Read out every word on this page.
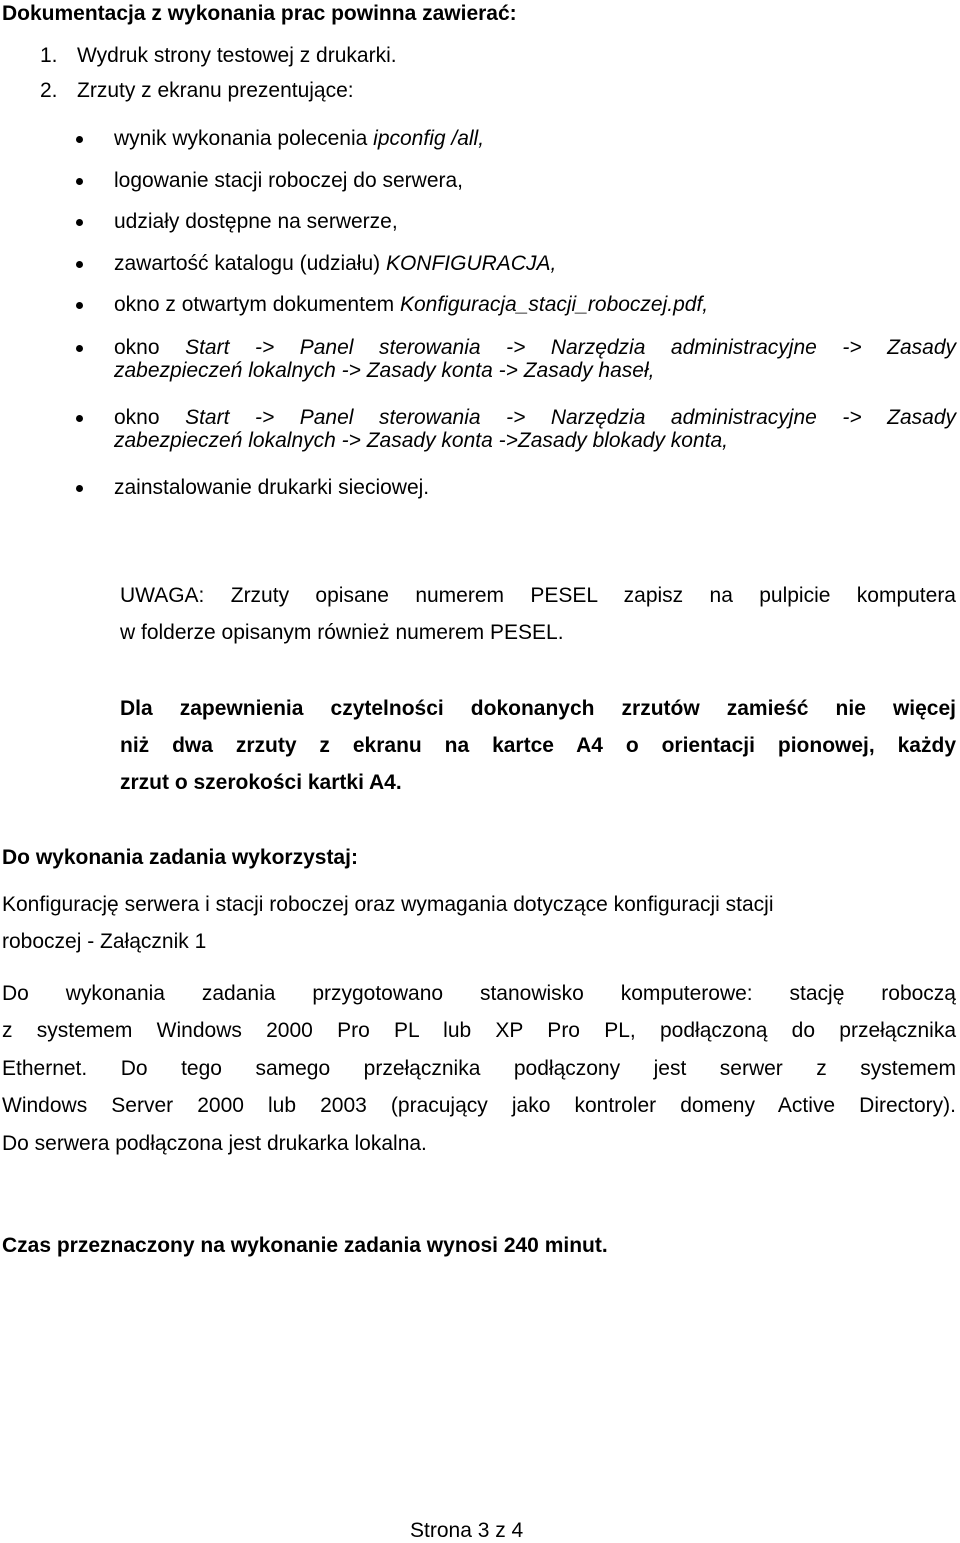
Dokumentacja z wykonania prac powinna zawierać:
1. Wydruk strony testowej z drukarki.
2. Zrzuty z ekranu prezentujące:
wynik wykonania polecenia ipconfig /all,
logowanie stacji roboczej do serwera,
udziały dostępne na serwerze,
zawartość katalogu (udziału) KONFIGURACJA,
okno z otwartym dokumentem Konfiguracja_stacji_roboczej.pdf,
okno Start -> Panel sterowania -> Narzędzia administracyjne -> Zasady
zabezpieczeń lokalnych -> Zasady konta -> Zasady haseł,
okno Start -> Panel sterowania -> Narzędzia administracyjne -> Zasady
zabezpieczeń lokalnych -> Zasady konta ->Zasady blokady konta,
zainstalowanie drukarki sieciowej.
UWAGA: Zrzuty opisane numerem PESEL zapisz na pulpicie komputera
w folderze opisanym również numerem PESEL.
Dla zapewnienia czytelności dokonanych zrzutów zamieść nie więcej
niż dwa zrzuty z ekranu na kartce A4 o orientacji pionowej, każdy
zrzut o szerokości kartki A4.
Do wykonania zadania wykorzystaj:
Konfigurację serwera i stacji roboczej oraz wymagania dotyczące konfiguracji stacji
roboczej - Załącznik 1
Do wykonania zadania przygotowano stanowisko komputerowe: stację roboczą
z systemem Windows 2000 Pro PL lub XP Pro PL, podłączoną do przełącznika
Ethernet. Do tego samego przełącznika podłączony jest serwer z systemem
Windows Server 2000 lub 2003 (pracujący jako kontroler domeny Active Directory).
Do serwera podłączona jest drukarka lokalna.
Czas przeznaczony na wykonanie zadania wynosi 240 minut.
Strona 3 z 4
